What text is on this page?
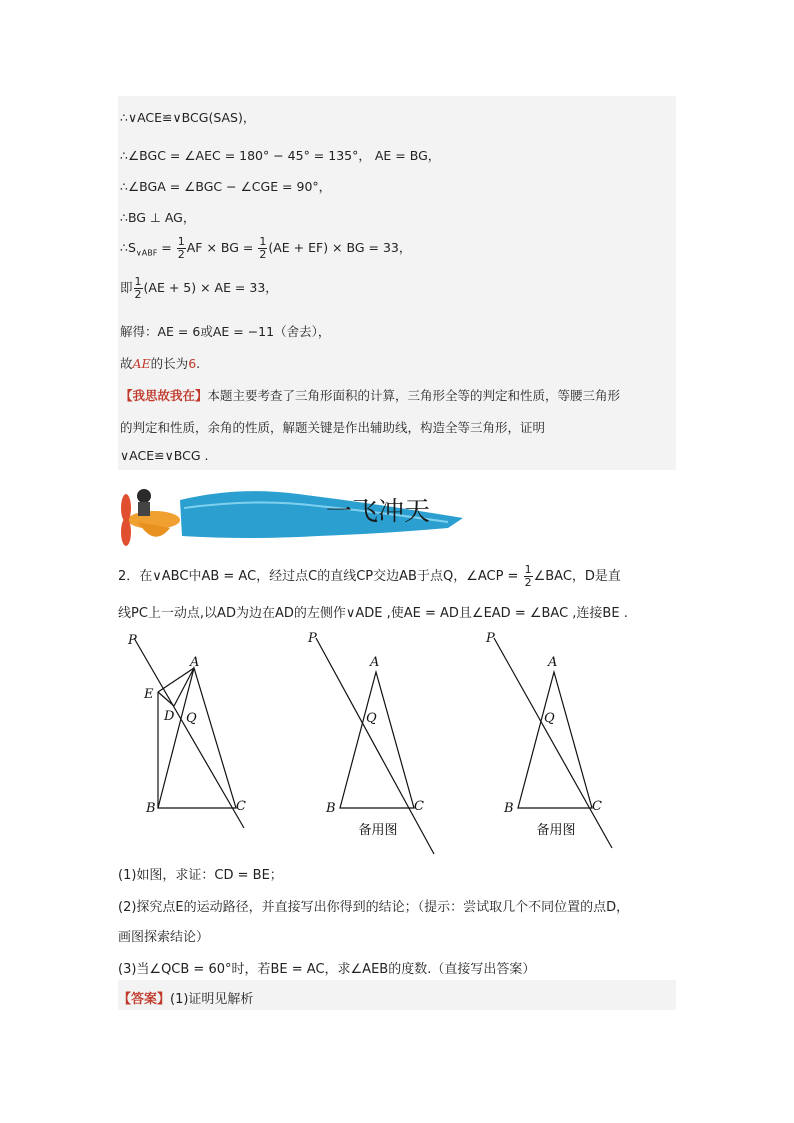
∴∨ACE≌∨BCG(SAS)，
∴∠BGC = ∠AEC = 180° − 45° = 135°， AE = BG，
∴∠BGA = ∠BGC − ∠CGE = 90°，
∴BG ⊥ AG，
$\therefore S_{\vee ABF} = \frac{1}{2}$ AF × BG = $\frac{1}{2} (AE + EF)$ × BG = 33，
即 $\frac{1}{2} (AE + 5)$ × AE = 33，
解得：AE = 6或AE = −11（舍去），
故AE的长为6.
【我思故我在】本题主要考查了三角形面积的计算，三角形全等的判定和性质，等腰三角形
的判定和性质，余角的性质，解题关键是作出辅助线，构造全等三角形，证明
∨ACE≌∨BCG .
一飞冲天
2．在∨ABC中AB = AC，经过点C的直线CP交边AB于点Q，∠ACP = $\frac{1}{2}$ ∠BAC，D是直
线PC上一动点,以AD为边在AD的左侧作∨ADE ,使AE = AD且∠EAD = ∠BAC ,连接BE .
P
A
E
D Q
B	C
P
A
Q
B	C
备用图
P
A
Q
B	C
备用图
(1)如图，求证：CD = BE；
(2)探究点E的运动路径，并直接写出你得到的结论；（提示：尝试取几个不同位置的点D，
画图探索结论）
(3)当∠QCB = 60°时，若BE = AC，求∠AEB的度数.（直接写出答案）
【答案】(1)证明见解析
